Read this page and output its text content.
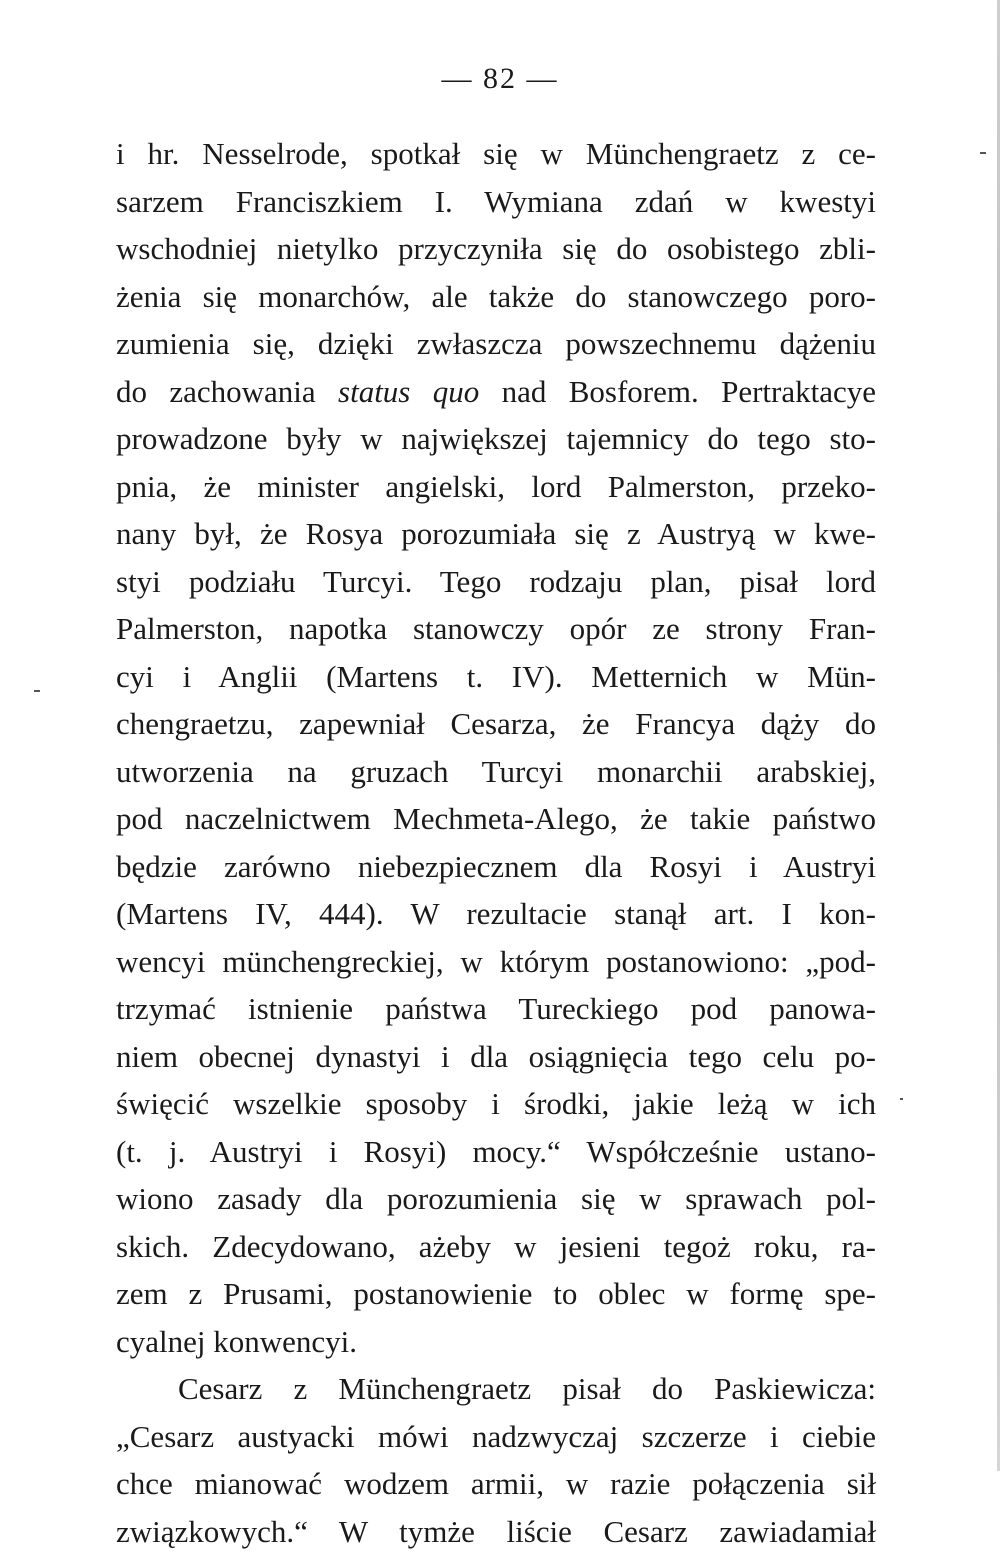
— 82 —
i hr. Nesselrode, spotkał się w Münchengraetz z ce-
sarzem Franciszkiem I. Wymiana zdań w kwestyi
wschodniej nietylko przyczyniła się do osobistego zbli-
żenia się monarchów, ale także do stanowczego poro-
zumienia się, dzięki zwłaszcza powszechnemu dążeniu
do zachowania status quo nad Bosforem. Pertraktacye
prowadzone były w największej tajemnicy do tego sto-
pnia, że minister angielski, lord Palmerston, przeko-
nany był, że Rosya porozumiała się z Austryą w kwe-
styi podziału Turcyi. Tego rodzaju plan, pisał lord
Palmerston, napotka stanowczy opór ze strony Fran-
cyi i Anglii (Martens t. IV). Metternich w Mün-
chengraetzu, zapewniał Cesarza, że Francya dąży do
utworzenia na gruzach Turcyi monarchii arabskiej,
pod naczelnictwem Mechmeta-Alego, że takie państwo
będzie zarówno niebezpiecznem dla Rosyi i Austryi
(Martens IV, 444). W rezultacie stanął art. I kon-
wencyi münchengreckiej, w którym postanowiono: „pod-
trzymać istnienie państwa Tureckiego pod panowa-
niem obecnej dynastyi i dla osiągnięcia tego celu po-
święcić wszelkie sposoby i środki, jakie leżą w ich
(t. j. Austryi i Rosyi) mocy.“ Współcześnie ustano-
wiono zasady dla porozumienia się w sprawach pol-
skich. Zdecydowano, ażeby w jesieni tegoż roku, ra-
zem z Prusami, postanowienie to oblec w formę spe-
cyalnej konwencyi.
Cesarz z Münchengraetz pisał do Paskiewicza:
„Cesarz austyacki mówi nadzwyczaj szczerze i ciebie
chce mianować wodzem armii, w razie połączenia sił
związkowych.“ W tymże liście Cesarz zawiadamiał
